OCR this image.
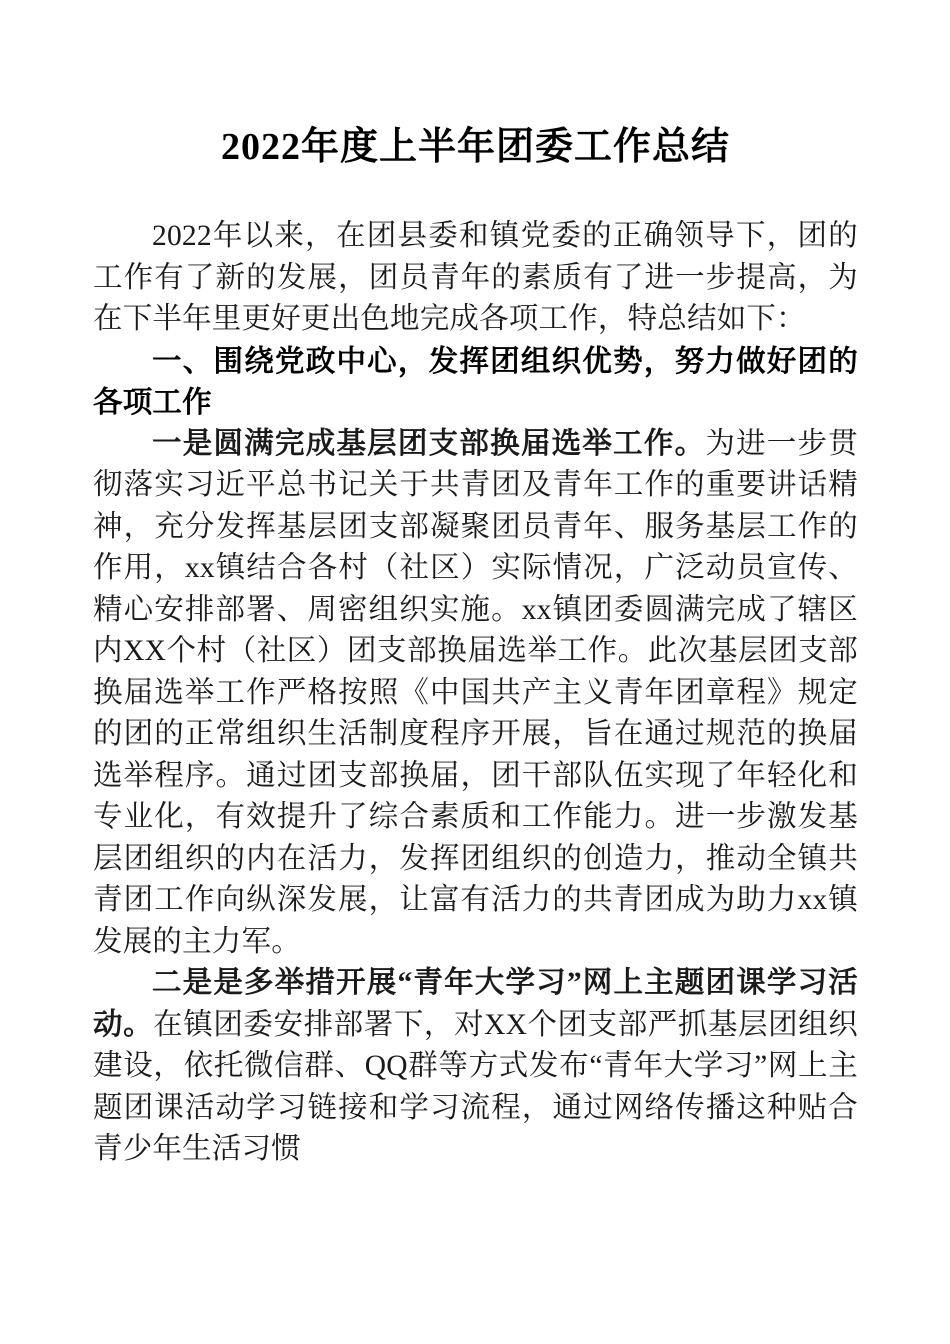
2022年度上半年团委工作总结

2022年以来，在团县委和镇党委的正确领导下，团的工作有了新的发展，团员青年的素质有了进一步提高，为在下半年里更好更出色地完成各项工作，特总结如下：

一、围绕党政中心，发挥团组织优势，努力做好团的各项工作

一是圆满完成基层团支部换届选举工作。为进一步贯彻落实习近平总书记关于共青团及青年工作的重要讲话精神，充分发挥基层团支部凝聚团员青年、服务基层工作的作用，xx镇结合各村（社区）实际情况，广泛动员宣传、精心安排部署、周密组织实施。xx镇团委圆满完成了辖区内XX个村（社区）团支部换届选举工作。此次基层团支部换届选举工作严格按照《中国共产主义青年团章程》规定的团的正常组织生活制度程序开展，旨在通过规范的换届选举程序。通过团支部换届，团干部队伍实现了年轻化和专业化，有效提升了综合素质和工作能力。进一步激发基层团组织的内在活力，发挥团组织的创造力，推动全镇共青团工作向纵深发展，让富有活力的共青团成为助力xx镇发展的主力军。

二是是多举措开展“青年大学习”网上主题团课学习活动。在镇团委安排部署下，对XX个团支部严抓基层团组织建设，依托微信群、QQ群等方式发布“青年大学习”网上主题团课活动学习链接和学习流程，通过网络传播这种贴合青少年生活习惯
